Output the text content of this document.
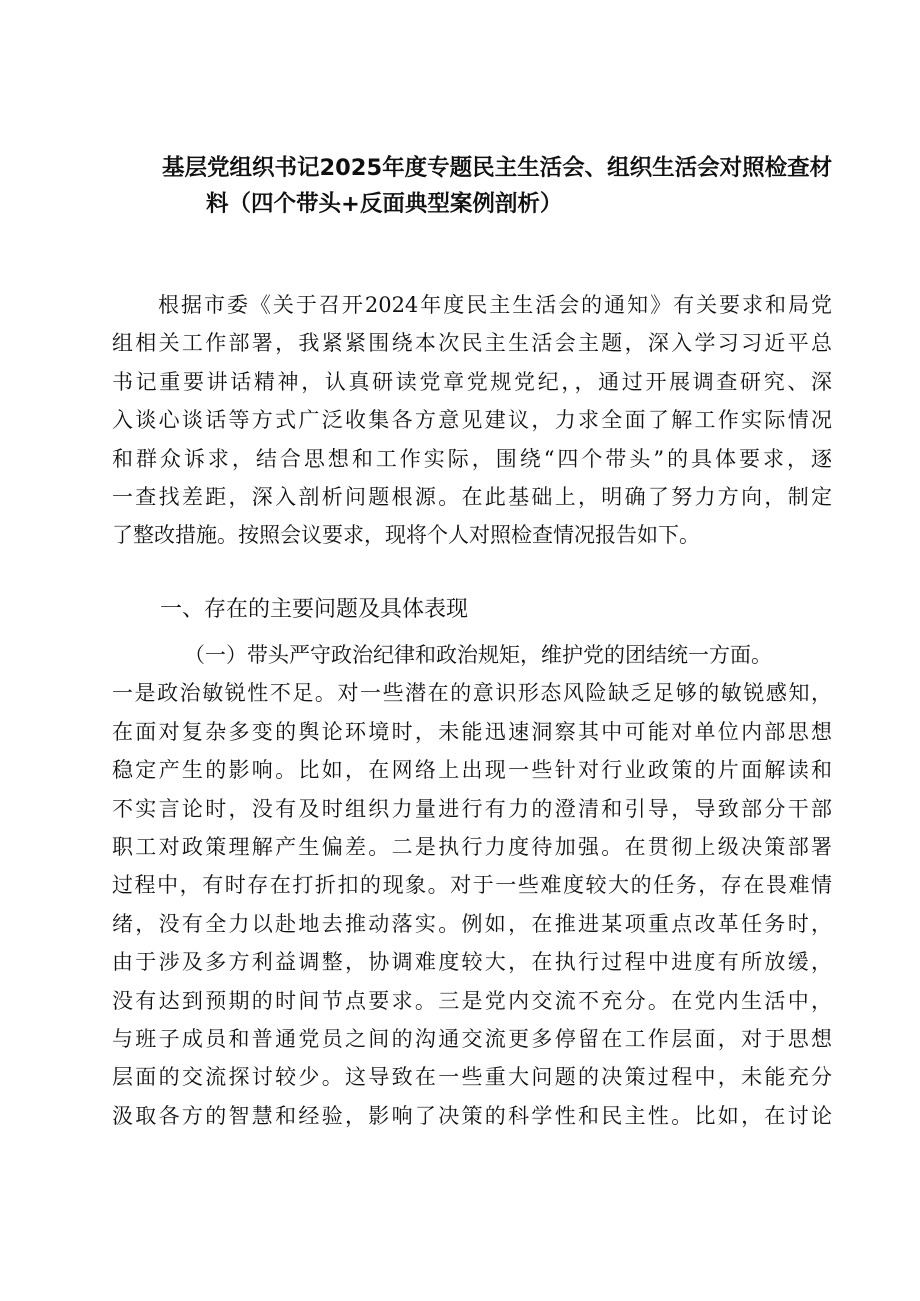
基层党组织书记2025年度专题民主生活会、组织生活会对照检查材
料（四个带头+反面典型案例剖析）
根据市委《关于召开2024年度民主生活会的通知》有关要求和局党
组相关工作部署，我紧紧围绕本次民主生活会主题，深入学习习近平总
书记重要讲话精神，认真研读党章党规党纪，，通过开展调查研究、深
入谈心谈话等方式广泛收集各方意见建议，力求全面了解工作实际情况
和群众诉求，结合思想和工作实际，围绕“四个带头”的具体要求，逐
一查找差距，深入剖析问题根源。在此基础上，明确了努力方向，制定
了整改措施。按照会议要求，现将个人对照检查情况报告如下。
一、存在的主要问题及具体表现
（一）带头严守政治纪律和政治规矩，维护党的团结统一方面。
一是政治敏锐性不足。对一些潜在的意识形态风险缺乏足够的敏锐感知，
在面对复杂多变的舆论环境时，未能迅速洞察其中可能对单位内部思想
稳定产生的影响。比如，在网络上出现一些针对行业政策的片面解读和
不实言论时，没有及时组织力量进行有力的澄清和引导，导致部分干部
职工对政策理解产生偏差。二是执行力度待加强。在贯彻上级决策部署
过程中，有时存在打折扣的现象。对于一些难度较大的任务，存在畏难情
绪，没有全力以赴地去推动落实。例如，在推进某项重点改革任务时，
由于涉及多方利益调整，协调难度较大，在执行过程中进度有所放缓，
没有达到预期的时间节点要求。三是党内交流不充分。在党内生活中，
与班子成员和普通党员之间的沟通交流更多停留在工作层面，对于思想
层面的交流探讨较少。这导致在一些重大问题的决策过程中，未能充分
汲取各方的智慧和经验，影响了决策的科学性和民主性。比如，在讨论
